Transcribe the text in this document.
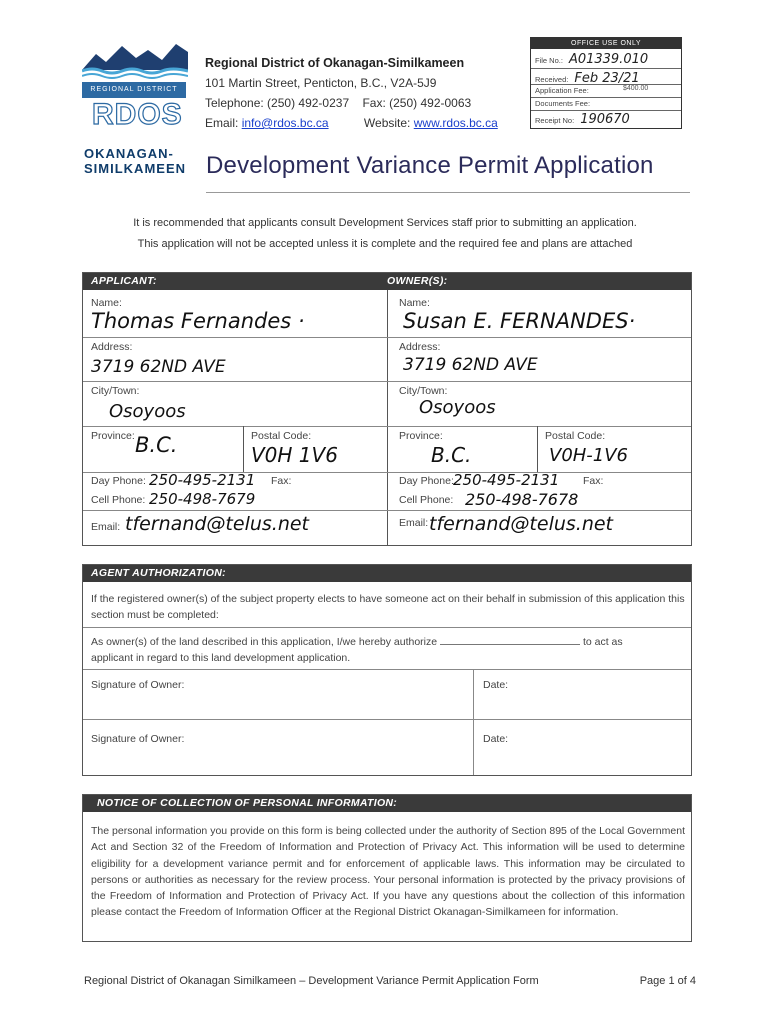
REGIONAL DISTRICT
RDOS
OKANAGAN-
SIMILKAMEEN
Regional District of Okanagan-Similkameen
101 Martin Street, Penticton, B.C., V2A-5J9
Telephone: (250) 492-0237 Fax: (250) 492-0063
Email: info@rdos.bc.ca	Website: www.rdos.bc.ca
OFFICE USE ONLY
File No.: A01339.010
Received: Feb 23/21
Application Fee:	$400.00
Documents Fee:
Receipt No: 190670
Development Variance Permit Application
It is recommended that applicants consult Development Services staff prior to submitting an application.
This application will not be accepted unless it is complete and the required fee and plans are attached
APPLICANT:	OWNER(S):
Name:
Thomas Fernandes ·
Address:
3719 62ND AVE
City/Town:
Osoyoos
Province: B.C.	Postal Code:
V0H 1V6
Day Phone: 250-495-2131 Fax:
Cell Phone: 250-498-7679
Email: tfernand@telus.net
Name:
Susan E. FERNANDES·
Address:
3719 62ND AVE
City/Town:
Osoyoos
Province:
B.C.
Postal Code:
V0H-1V6
Day Phone: 250-495-2131 Fax:
Cell Phone: 250-498-7678
Email: tfernand@telus.net
AGENT AUTHORIZATION:

If the registered owner(s) of the subject property elects to have someone act on their behalf in submission of this application this section must be completed:

As owner(s) of the land described in this application, I/we hereby authorize	to act as
applicant in regard to this land development application.

Signature of Owner:	Date:

Signature of Owner:	Date:

NOTICE OF COLLECTION OF PERSONAL INFORMATION:

The personal information you provide on this form is being collected under the authority of Section 895 of the Local Government Act and Section 32 of the Freedom of Information and Protection of Privacy Act. This information will be used to determine eligibility for a development variance permit and for enforcement of applicable laws. This information may be circulated to persons or authorities as necessary for the review process. Your personal information is protected by the privacy provisions of the Freedom of Information and Protection of Privacy Act. If you have any questions about the collection of this information please contact the Freedom of Information Officer at the Regional District Okanagan-Similkameen for information.

Regional District of Okanagan Similkameen – Development Variance Permit Application Form	Page 1 of 4
